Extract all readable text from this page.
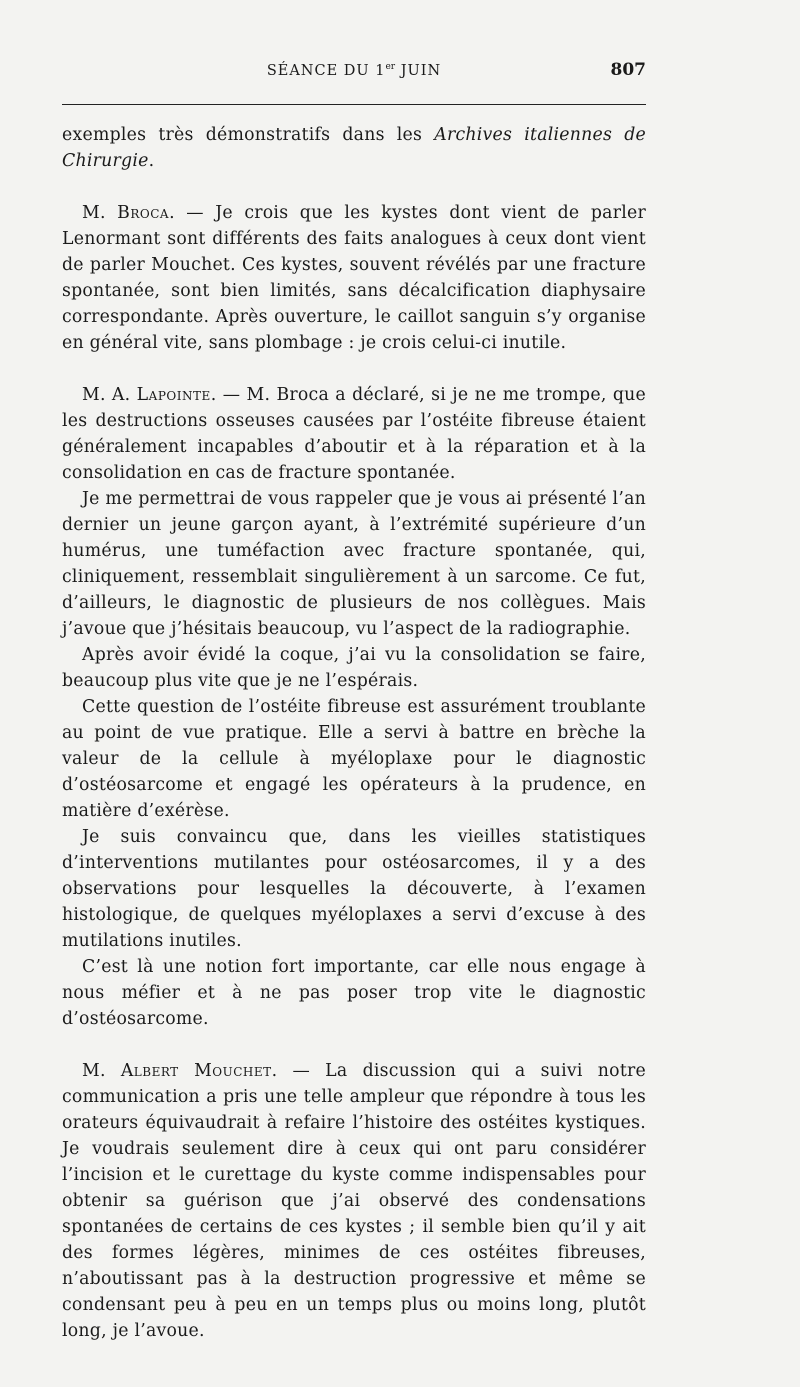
SÉANCE DU 1er JUIN	807

exemples très démonstratifs dans les Archives italiennes de Chirurgie.

M. Broca. — Je crois que les kystes dont vient de parler Lenormant sont différents des faits analogues à ceux dont vient de parler Mouchet. Ces kystes, souvent révélés par une fracture spontanée, sont bien limités, sans décalcification diaphysaire correspondante. Après ouverture, le caillot sanguin s’y organise en général vite, sans plombage : je crois celui-ci inutile.

M. A. Lapointe. — M. Broca a déclaré, si je ne me trompe, que les destructions osseuses causées par l’ostéite fibreuse étaient généralement incapables d’aboutir et à la réparation et à la consolidation en cas de fracture spontanée.

Je me permettrai de vous rappeler que je vous ai présenté l’an dernier un jeune garçon ayant, à l’extrémité supérieure d’un humérus, une tuméfaction avec fracture spontanée, qui, cliniquement, ressemblait singulièrement à un sarcome. Ce fut, d’ailleurs, le diagnostic de plusieurs de nos collègues. Mais j’avoue que j’hésitais beaucoup, vu l’aspect de la radiographie.

Après avoir évidé la coque, j’ai vu la consolidation se faire, beaucoup plus vite que je ne l’espérais.

Cette question de l’ostéite fibreuse est assurément troublante au point de vue pratique. Elle a servi à battre en brèche la valeur de la cellule à myéloplaxe pour le diagnostic d’ostéosarcome et engagé les opérateurs à la prudence, en matière d’exérèse.

Je suis convaincu que, dans les vieilles statistiques d’interventions mutilantes pour ostéosarcomes, il y a des observations pour lesquelles la découverte, à l’examen histologique, de quelques myéloplaxes a servi d’excuse à des mutilations inutiles.

C’est là une notion fort importante, car elle nous engage à nous méfier et à ne pas poser trop vite le diagnostic d’ostéosarcome.

M. Albert Mouchet. — La discussion qui a suivi notre communication a pris une telle ampleur que répondre à tous les orateurs équivaudrait à refaire l’histoire des ostéites kystiques. Je voudrais seulement dire à ceux qui ont paru considérer l’incision et le curettage du kyste comme indispensables pour obtenir sa guérison que j’ai observé des condensations spontanées de certains de ces kystes ; il semble bien qu’il y ait des formes légères, minimes de ces ostéites fibreuses, n’aboutissant pas à la destruction progressive et même se condensant peu à peu en un temps plus ou moins long, plutôt long, je l’avoue.
